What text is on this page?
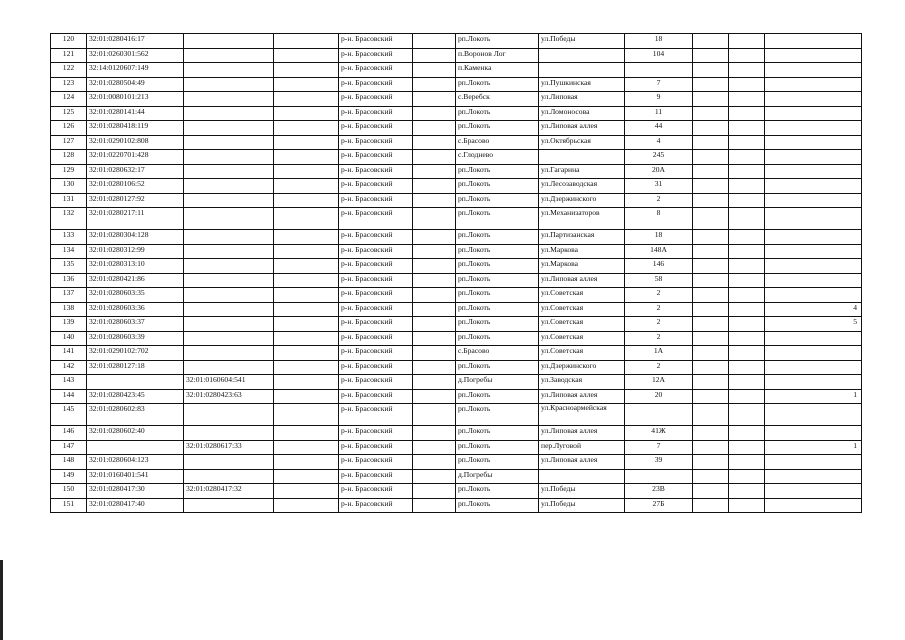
120	32:01:0280416:17			р-н. Брасовский		рп.Локоть	ул.Победы	18			
121	32:01:0260301:562			р-н. Брасовский		п.Воронов Лог		104			
122	32:14:0120607:149			р-н. Брасовский		п.Каменка					
123	32:01:0280504:49			р-н. Брасовский		рп.Локоть	ул.Пушкинская	7			
124	32:01:0080101:213			р-н. Брасовский		с.Веребск	ул.Липовая	9			
125	32:01:0280141:44			р-н. Брасовский		рп.Локоть	ул.Ломоносова	11			
126	32:01:0280418:119			р-н. Брасовский		рп.Локоть	ул.Липовая аллея	44			
127	32:01:0290102:808			р-н. Брасовский		с.Брасово	ул.Октябрьская	4			
128	32:01:0220701:428			р-н. Брасовский		с.Глоднево		245			
129	32:01:0280632:17			р-н. Брасовский		рп.Локоть	ул.Гагарина	20А			
130	32:01:0280106:52			р-н. Брасовский		рп.Локоть	ул.Лесозаводская	31			
131	32:01:0280127:92			р-н. Брасовский		рп.Локоть	ул.Дзержинского	2			
132	32:01:0280217:11			р-н. Брасовский		рп.Локоть	ул.Механизаторов	8			
133	32:01:0280304:128			р-н. Брасовский		рп.Локоть	ул.Партизанская	18			
134	32:01:0280312:99			р-н. Брасовский		рп.Локоть	ул.Маркова	148А			
135	32:01:0280313:10			р-н. Брасовский		рп.Локоть	ул.Маркова	146			
136	32:01:0280421:86			р-н. Брасовский		рп.Локоть	ул.Липовая аллея	58			
137	32:01:0280603:35			р-н. Брасовский		рп.Локоть	ул.Советская	2			
138	32:01:0280603:36			р-н. Брасовский		рп.Локоть	ул.Советская	2			4
139	32:01:0280603:37			р-н. Брасовский		рп.Локоть	ул.Советская	2			5
140	32:01:0280603:39			р-н. Брасовский		рп.Локоть	ул.Советская	2			
141	32:01:0290102:702			р-н. Брасовский		с.Брасово	ул.Советская	1А			
142	32:01:0280127:18			р-н. Брасовский		рп.Локоть	ул.Дзержинского	2			
143		32:01:0160604:541		р-н. Брасовский		д.Погребы	ул.Заводская	12А			
144	32:01:0280423:45	32:01:0280423:63		р-н. Брасовский		рп.Локоть	ул.Липовая аллея	20			1
145	32:01:0280602:83			р-н. Брасовский		рп.Локоть	ул.Красноармейская				
146	32:01:0280602:40			р-н. Брасовский		рп.Локоть	ул.Липовая аллея	41Ж			
147		32:01:0280617:33		р-н. Брасовский		рп.Локоть	пер.Луговой	7			1
148	32:01:0280604:123			р-н. Брасовский		рп.Локоть	ул.Липовая аллея	39			
149	32:01:0160401:541			р-н. Брасовский		д.Погребы					
150	32:01:0280417:30	32:01:0280417:32		р-н. Брасовский		рп.Локоть	ул.Победы	23В			
151	32:01:0280417:40			р-н. Брасовский		рп.Локоть	ул.Победы	27Б			
